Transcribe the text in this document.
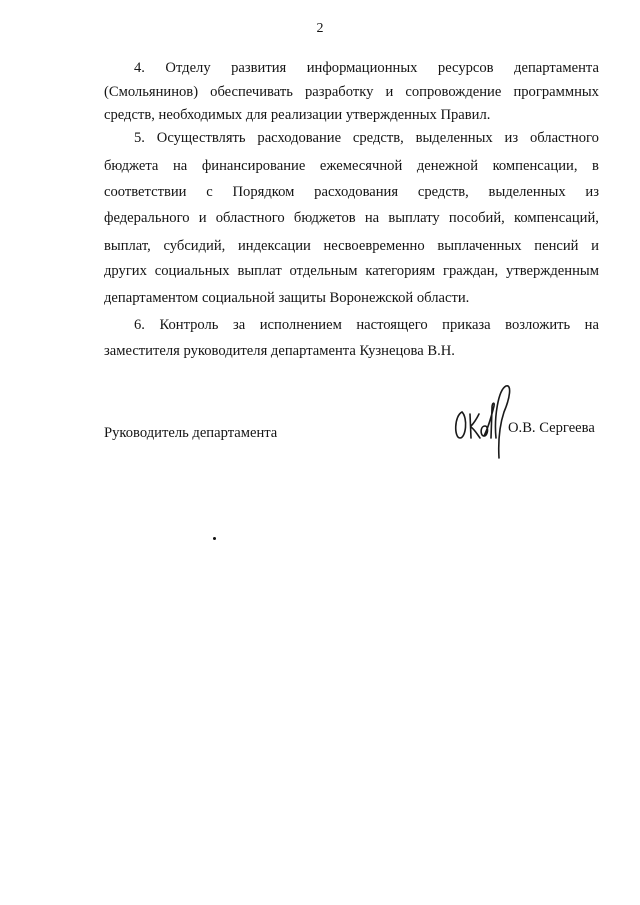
2
4. Отделу развития информационных ресурсов департамента
(Смольянинов) обеспечивать разработку и сопровождение программных
средств, необходимых для реализации утвержденных Правил.
5. Осуществлять расходование средств, выделенных из областного
бюджета на финансирование ежемесячной денежной компенсации, в
соответствии с Порядком расходования средств, выделенных из
федерального и областного бюджетов на выплату пособий, компенсаций,
выплат, субсидий, индексации несвоевременно выплаченных пенсий и
других социальных выплат отдельным категориям граждан, утвержденным
департаментом социальной защиты Воронежской области.
6. Контроль за исполнением настоящего приказа возложить на
заместителя руководителя департамента Кузнецова В.Н.
Руководитель департамента	О.В. Сергеева
